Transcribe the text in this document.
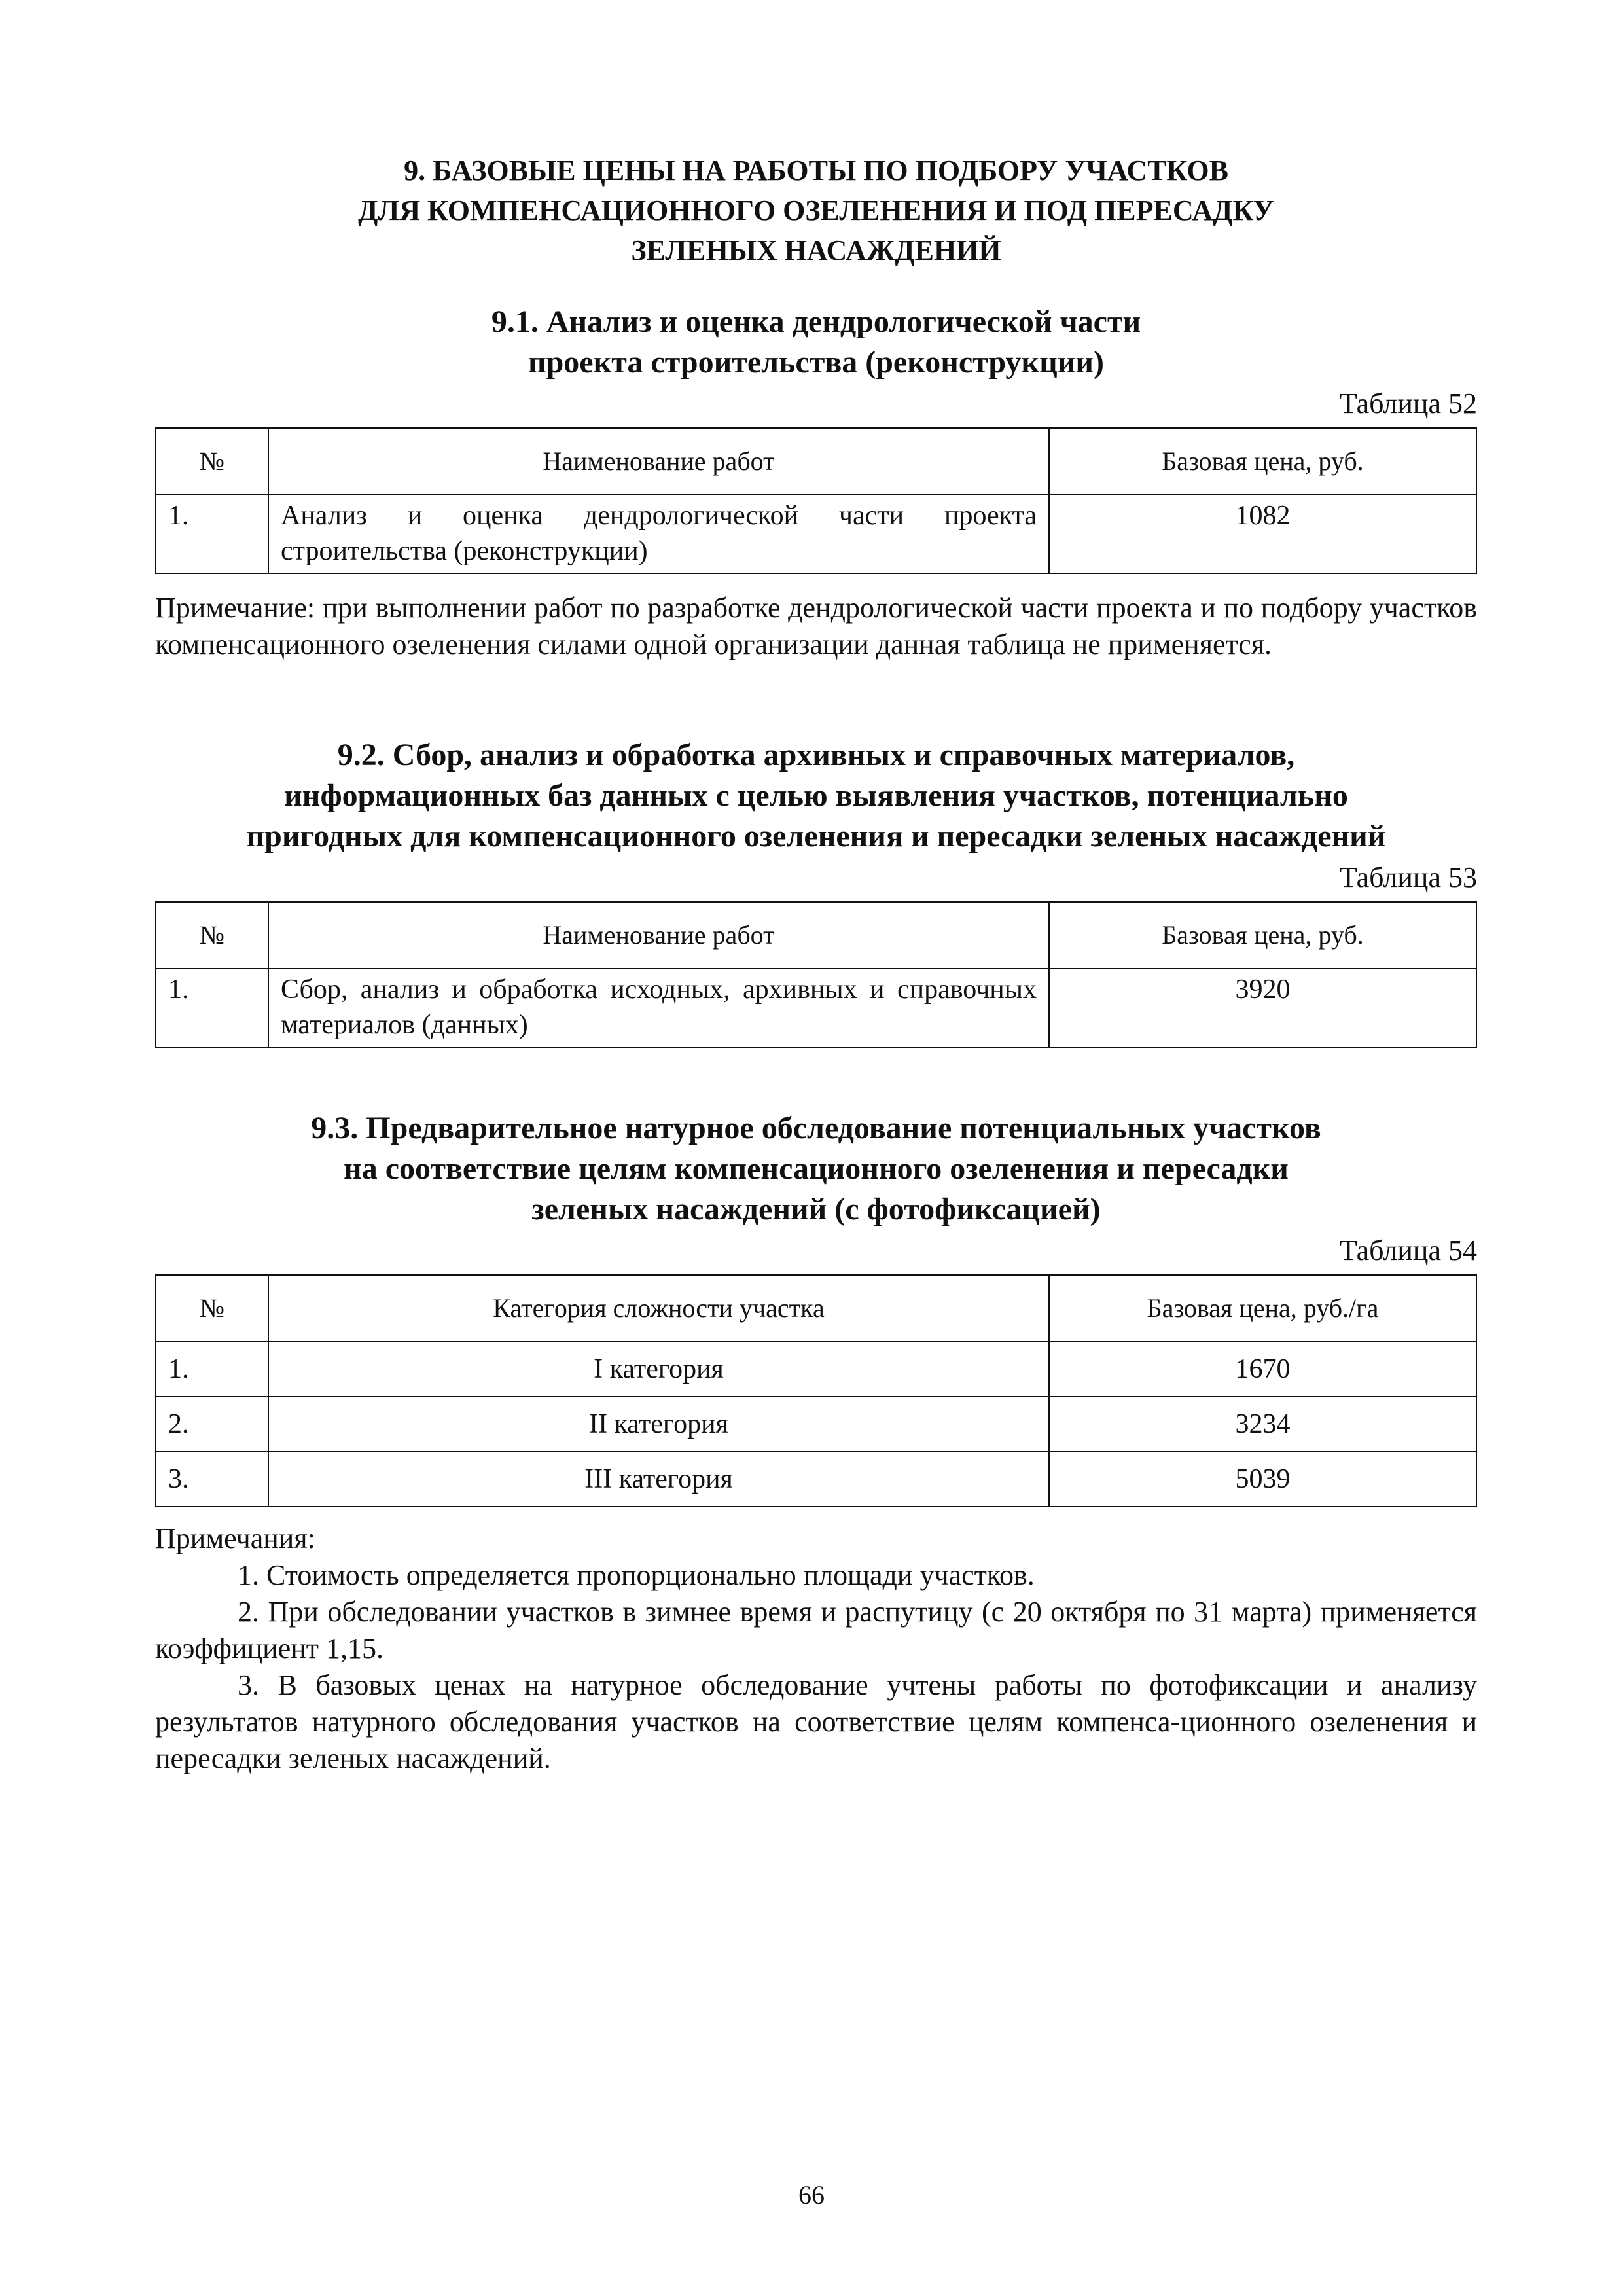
9. БАЗОВЫЕ ЦЕНЫ НА РАБОТЫ ПО ПОДБОРУ УЧАСТКОВ
ДЛЯ КОМПЕНСАЦИОННОГО ОЗЕЛЕНЕНИЯ И ПОД ПЕРЕСАДКУ
ЗЕЛЕНЫХ НАСАЖДЕНИЙ
9.1. Анализ и оценка дендрологической части
проекта строительства (реконструкции)

Таблица 52

№	Наименование работ	Базовая цена, руб.
1.	Анализ и оценка дендрологической части проекта строительства (реконструкции)	1082

Примечание: при выполнении работ по разработке дендрологической части проекта и по подбору участков компенсационного озеленения силами одной организации данная таблица не применяется.

9.2. Сбор, анализ и обработка архивных и справочных материалов,
информационных баз данных с целью выявления участков, потенциально
пригодных для компенсационного озеленения и пересадки зеленых насаждений

Таблица 53

№	Наименование работ	Базовая цена, руб.
1.	Сбор, анализ и обработка исходных, архивных и справочных материалов (данных)	3920
9.3. Предварительное натурное обследование потенциальных участков
на соответствие целям компенсационного озеленения и пересадки
зеленых насаждений (с фотофиксацией)

Таблица 54

№	Категория сложности участка	Базовая цена, руб./га
1.	I категория	1670
2.	II категория	3234
3.	III категория	5039

Примечания:

1. Стоимость определяется пропорционально площади участков.

2. При обследовании участков в зимнее время и распутицу (с 20 октября по 31 марта) применяется коэффициент 1,15.

3. В базовых ценах на натурное обследование учтены работы по фотофиксации и анализу результатов натурного обследования участков на соответствие целям компенса-ционного озеленения и пересадки зеленых насаждений.

66
